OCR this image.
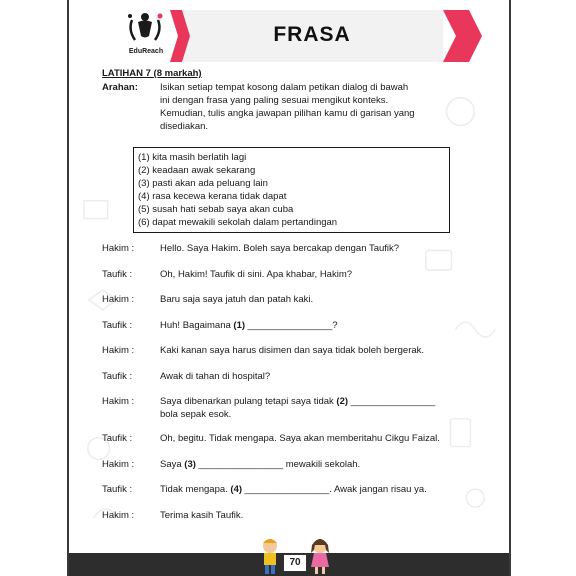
EduReach
FRASA
LATIHAN 7 (8 markah)
Arahan: Isikan setiap tempat kosong dalam petikan dialog di bawah
ini dengan frasa yang paling sesuai mengikut konteks.
Kemudian, tulis angka jawapan pilihan kamu di garisan yang
disediakan.
(1) kita masih berlatih lagi
(2) keadaan awak sekarang
(3) pasti akan ada peluang lain
(4) rasa kecewa kerana tidak dapat
(5) susah hati sebab saya akan cuba
(6) dapat mewakili sekolah dalam pertandingan
Hakim :	Hello. Saya Hakim. Boleh saya bercakap dengan Taufik?
Taufik :	Oh, Hakim! Taufik di sini. Apa khabar, Hakim?
Hakim :	Baru saja saya jatuh dan patah kaki.
Taufik :	Huh! Bagaimana (1) ________________?
Hakim :	Kaki kanan saya harus disimen dan saya tidak boleh bergerak.
Taufik :	Awak di tahan di hospital?
Hakim :	Saya dibenarkan pulang tetapi saya tidak (2) ________________
bola sepak esok.
Taufik :	Oh, begitu. Tidak mengapa. Saya akan memberitahu Cikgu Faizal.
Hakim :	Saya (3) ________________ mewakili sekolah.
Taufik :	Tidak mengapa. (4) ________________. Awak jangan risau ya.
Hakim :	Terima kasih Taufik.
70
